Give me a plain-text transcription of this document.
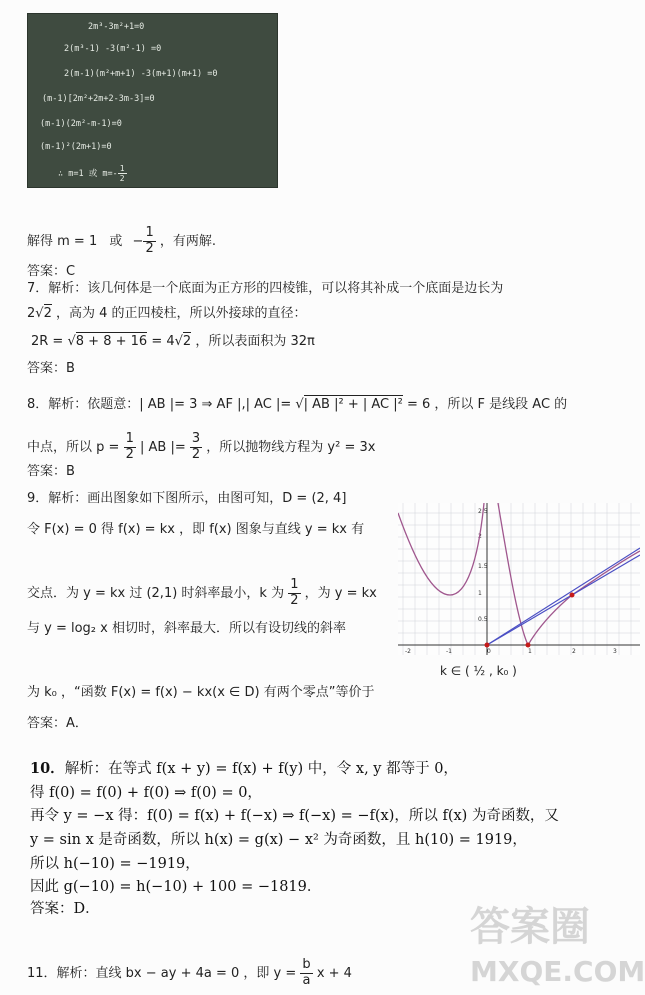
2m³-3m²+1=0
2(m³-1) -3(m²-1) =0
2(m-1)(m²+m+1) -3(m+1)(m+1) =0
(m-1)[2m²+2m+2-3m-3]=0
(m-1)(2m²-m-1)=0
(m-1)²(2m+1)=0
∴ m=1 或 $m=- \frac{1}{2}$
解得 m = 1 或 − $\frac{1}{2}$ ，有两解.
答案：C
7．解析：该几何体是一个底面为正方形的四棱锥，可以将其补成一个底面是边长为
2√2 ，高为 4 的正四棱柱，所以外接球的直径：
2R = √8 + 8 + 16 = 4√2 ，所以表面积为 32π
答案：B
8．解析：依题意：| AB |= 3 ⇒ AF |,| AC |= √| AB |² + | AC |² = 6 ，所以 F 是线段 AC 的
中点，所以 $p = \frac{1}{2}$ | AB |= $\frac{3}{2}$ ，所以抛物线方程为 y² = 3x
答案：B
9．解析：画出图象如下图所示，由图可知，D = (2, 4]
令 F(x) = 0 得 f(x) = kx ，即 f(x) 图象与直线 y = kx 有
交点．为 y = kx 过 (2,1) 时斜率最小，k 为 $\frac{1}{2}$ ，为 y = kx
与 y = log₂ x 相切时，斜率最大．所以有设切线的斜率
为 k₀ ，“函数 F(x) = f(x) − kx(x ∈ D) 有两个零点”等价于
k ∈ ( ½ , k₀ )
答案：A．
-2	-1	0	1	2	3
2.5
2
1.5
1
0.5
10．解析：在等式 f(x + y) = f(x) + f(y) 中，令 x, y 都等于 0，
得 f(0) = f(0) + f(0) ⇒ f(0) = 0，
再令 y = −x 得：f(0) = f(x) + f(−x) ⇒ f(−x) = −f(x)，所以 f(x) 为奇函数，又
y = sin x 是奇函数，所以 h(x) = g(x) − x² 为奇函数，且 h(10) = 1919，
所以 h(−10) = −1919，
因此 g(−10) = h(−10) + 100 = −1819．
答案：D．
11．解析：直线 bx − ay + 4a = 0 ，即 $y = \frac{b}{a}$ x + 4
答案圈
MXQE.COM
